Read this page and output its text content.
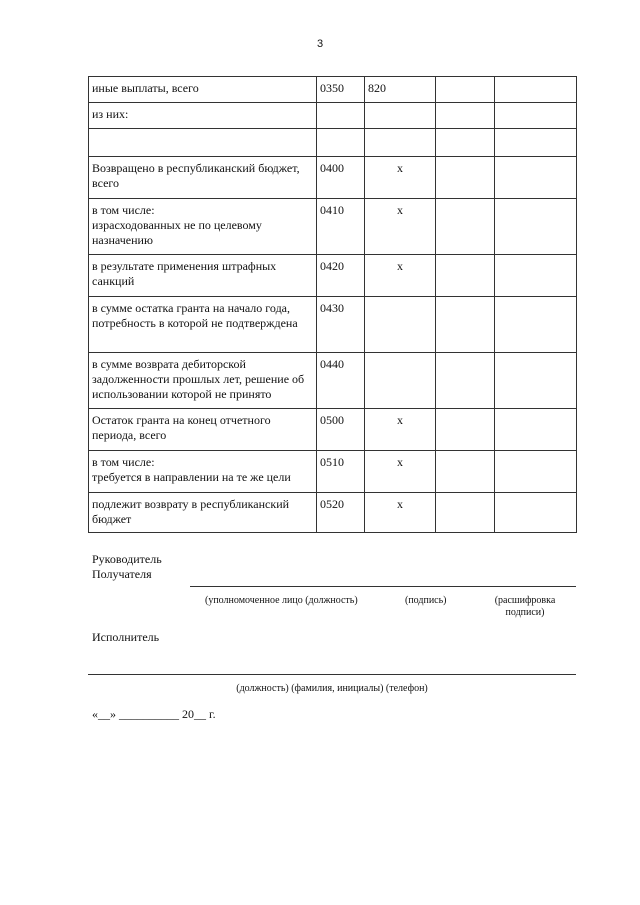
3
иные выплаты, всего	0350	820		
из них:				

Возвращено в республиканский бюджет, всего	0400	x		
в том числе:
израсходованных не по целевому назначению	0410	x		
в результате применения штрафных санкций	0420	x		
в сумме остатка гранта на начало года, потребность в которой не подтверждена	0430			
в сумме возврата дебиторской задолженности прошлых лет, решение об использовании которой не принято	0440			
Остаток гранта на конец отчетного периода, всего	0500	x		
в том числе:
требуется в направлении на те же цели	0510	x		
подлежит возврату в республиканский бюджет	0520	x		
Руководитель
Получателя
(уполномоченное лицо (должность)	(подпись)	(расшифровка подписи)
Исполнитель
(должность) (фамилия, инициалы) (телефон)
«__» __________ 20__ г.
